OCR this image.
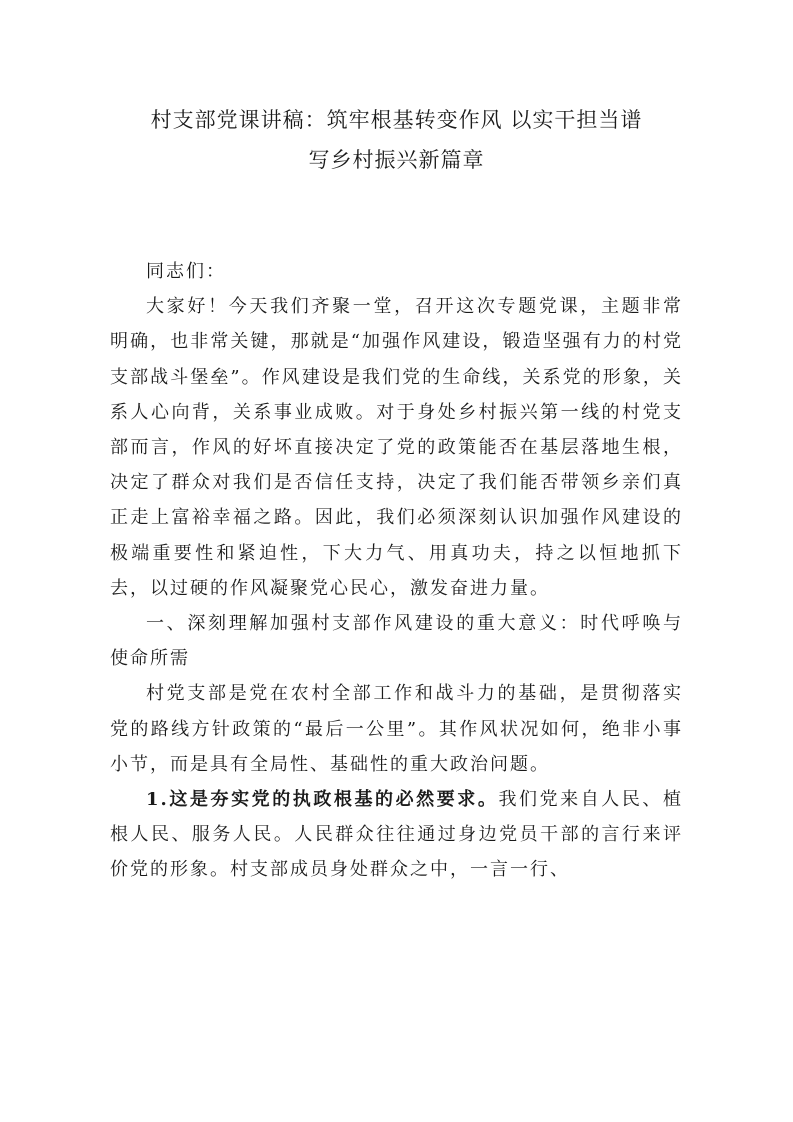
村支部党课讲稿：筑牢根基转变作风 以实干担当谱
写乡村振兴新篇章

同志们：

大家好！今天我们齐聚一堂，召开这次专题党课，主题非常明确，也非常关键，那就是“加强作风建设，锻造坚强有力的村党支部战斗堡垒”。作风建设是我们党的生命线，关系党的形象，关系人心向背，关系事业成败。对于身处乡村振兴第一线的村党支部而言，作风的好坏直接决定了党的政策能否在基层落地生根，决定了群众对我们是否信任支持，决定了我们能否带领乡亲们真正走上富裕幸福之路。因此，我们必须深刻认识加强作风建设的极端重要性和紧迫性，下大力气、用真功夫，持之以恒地抓下去，以过硬的作风凝聚党心民心，激发奋进力量。

一、深刻理解加强村支部作风建设的重大意义：时代呼唤与使命所需

村党支部是党在农村全部工作和战斗力的基础，是贯彻落实党的路线方针政策的“最后一公里”。其作风状况如何，绝非小事小节，而是具有全局性、基础性的重大政治问题。

1.这是夯实党的执政根基的必然要求。我们党来自人民、植根人民、服务人民。人民群众往往通过身边党员干部的言行来评价党的形象。村支部成员身处群众之中，一言一行、
